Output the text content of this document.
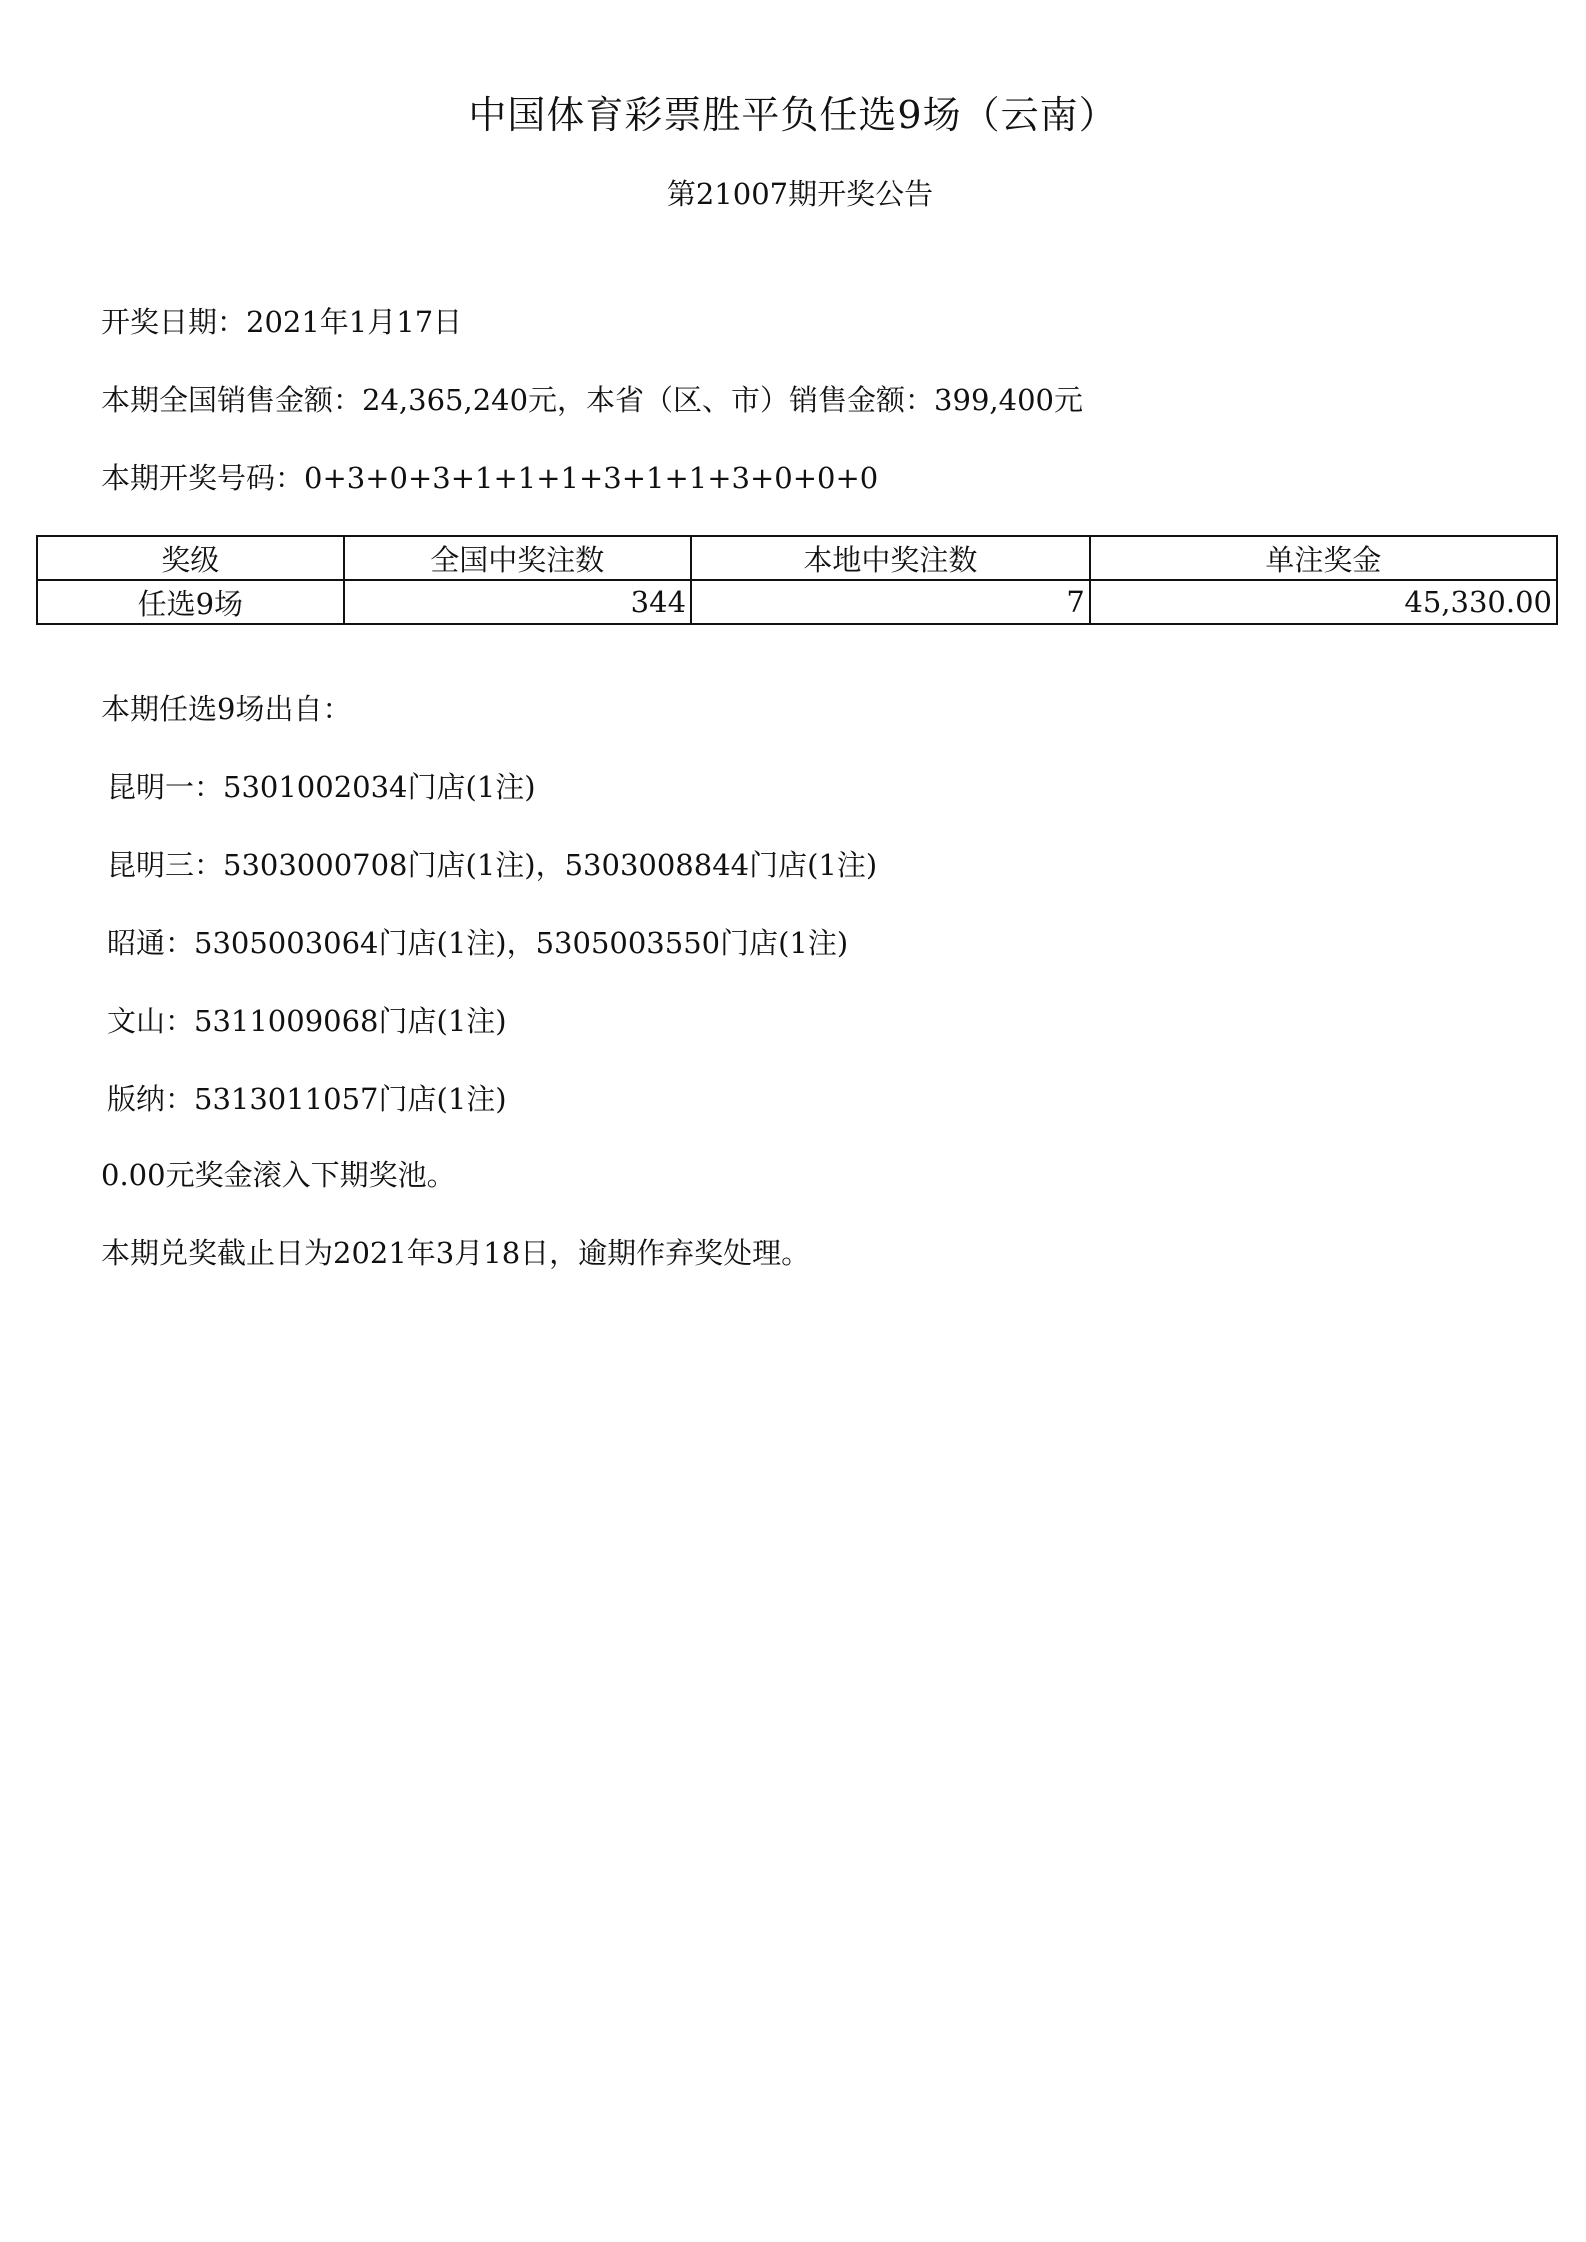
中国体育彩票胜平负任选9场（云南）
第21007期开奖公告
开奖日期：2021年1月17日
本期全国销售金额：24,365,240元，本省（区、市）销售金额：399,400元
本期开奖号码：0+3+0+3+1+1+1+3+1+1+3+0+0+0
奖级	全国中奖注数	本地中奖注数	单注奖金
任选9场	344	7	45,330.00
本期任选9场出自：
昆明一：5301002034门店(1注)
昆明三：5303000708门店(1注)，5303008844门店(1注)
昭通：5305003064门店(1注)，5305003550门店(1注)
文山：5311009068门店(1注)
版纳：5313011057门店(1注)
0.00元奖金滚入下期奖池。
本期兑奖截止日为2021年3月18日，逾期作弃奖处理。
